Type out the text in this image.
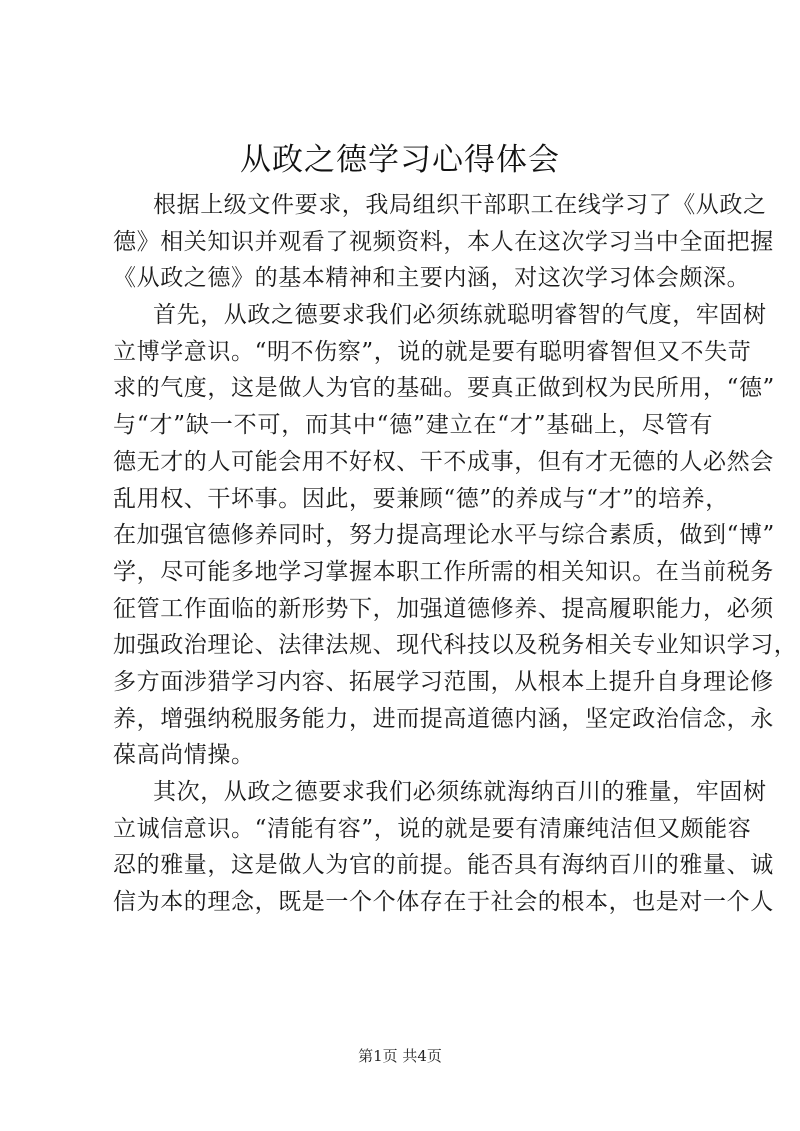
从政之德学习心得体会
根据上级文件要求，我局组织干部职工在线学习了《从政之
德》相关知识并观看了视频资料，本人在这次学习当中全面把握
《从政之德》的基本精神和主要内涵，对这次学习体会颇深。
首先，从政之德要求我们必须练就聪明睿智的气度，牢固树
立博学意识。“明不伤察”，说的就是要有聪明睿智但又不失苛
求的气度，这是做人为官的基础。要真正做到权为民所用，“德”
与“才”缺一不可，而其中“德”建立在“才”基础上，尽管有
德无才的人可能会用不好权、干不成事，但有才无德的人必然会
乱用权、干坏事。因此，要兼顾“德”的养成与“才”的培养，
在加强官德修养同时，努力提高理论水平与综合素质，做到“博”
学，尽可能多地学习掌握本职工作所需的相关知识。在当前税务
征管工作面临的新形势下，加强道德修养、提高履职能力，必须
加强政治理论、法律法规、现代科技以及税务相关专业知识学习，
多方面涉猎学习内容、拓展学习范围，从根本上提升自身理论修
养，增强纳税服务能力，进而提高道德内涵，坚定政治信念，永
葆高尚情操。
其次，从政之德要求我们必须练就海纳百川的雅量，牢固树
立诚信意识。“清能有容”，说的就是要有清廉纯洁但又颇能容
忍的雅量，这是做人为官的前提。能否具有海纳百川的雅量、诚
信为本的理念，既是一个个体存在于社会的根本，也是对一个人
第1页 共4页
